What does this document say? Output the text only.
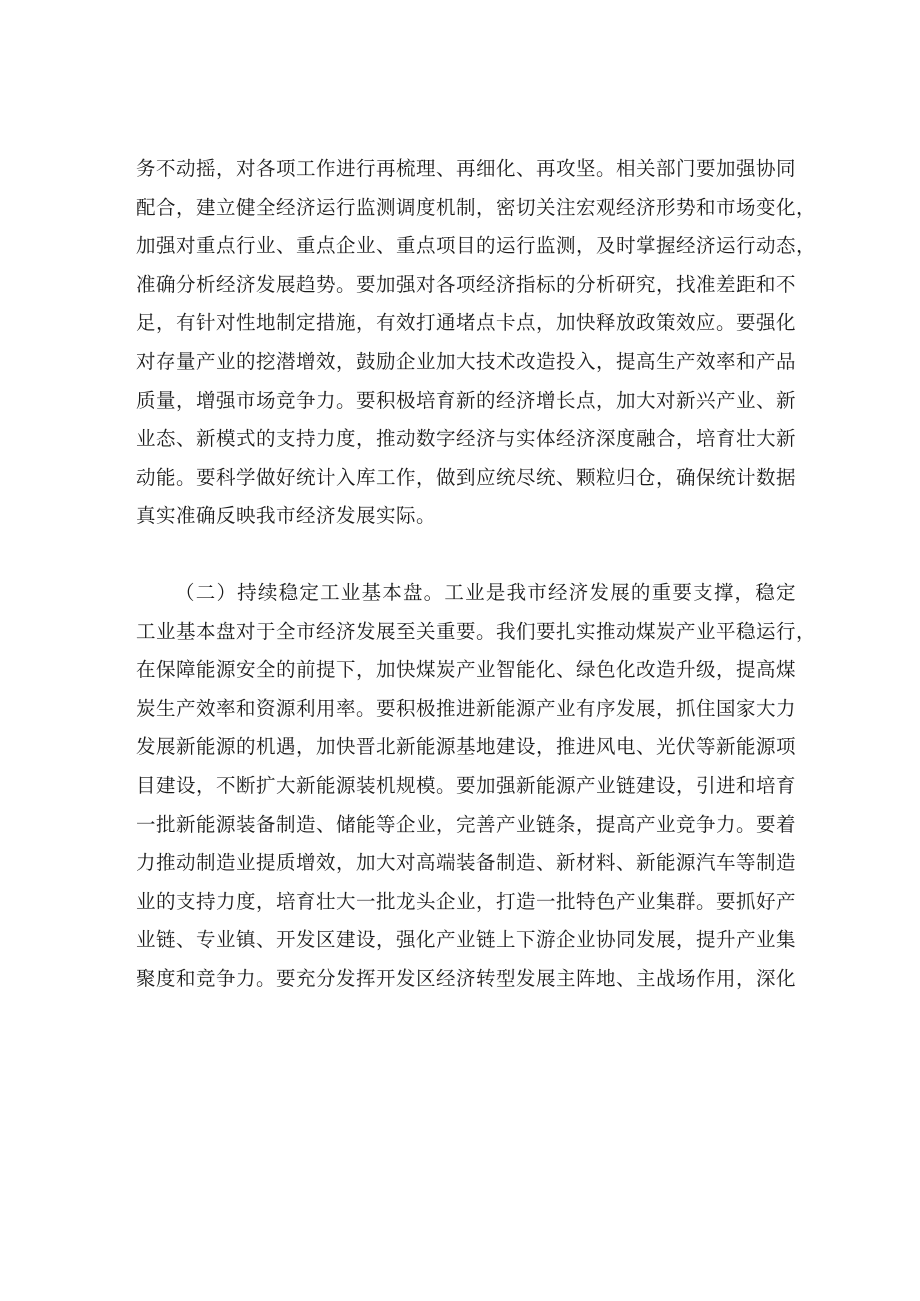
务不动摇，对各项工作进行再梳理、再细化、再攻坚。相关部门要加强协同
配合，建立健全经济运行监测调度机制，密切关注宏观经济形势和市场变化，
加强对重点行业、重点企业、重点项目的运行监测，及时掌握经济运行动态，
准确分析经济发展趋势。要加强对各项经济指标的分析研究，找准差距和不
足，有针对性地制定措施，有效打通堵点卡点，加快释放政策效应。要强化
对存量产业的挖潜增效，鼓励企业加大技术改造投入，提高生产效率和产品
质量，增强市场竞争力。要积极培育新的经济增长点，加大对新兴产业、新
业态、新模式的支持力度，推动数字经济与实体经济深度融合，培育壮大新
动能。要科学做好统计入库工作，做到应统尽统、颗粒归仓，确保统计数据
真实准确反映我市经济发展实际。

（二）持续稳定工业基本盘。工业是我市经济发展的重要支撑，稳定
工业基本盘对于全市经济发展至关重要。我们要扎实推动煤炭产业平稳运行，
在保障能源安全的前提下，加快煤炭产业智能化、绿色化改造升级，提高煤
炭生产效率和资源利用率。要积极推进新能源产业有序发展，抓住国家大力
发展新能源的机遇，加快晋北新能源基地建设，推进风电、光伏等新能源项
目建设，不断扩大新能源装机规模。要加强新能源产业链建设，引进和培育
一批新能源装备制造、储能等企业，完善产业链条，提高产业竞争力。要着
力推动制造业提质增效，加大对高端装备制造、新材料、新能源汽车等制造
业的支持力度，培育壮大一批龙头企业，打造一批特色产业集群。要抓好产
业链、专业镇、开发区建设，强化产业链上下游企业协同发展，提升产业集
聚度和竞争力。要充分发挥开发区经济转型发展主阵地、主战场作用，深化
